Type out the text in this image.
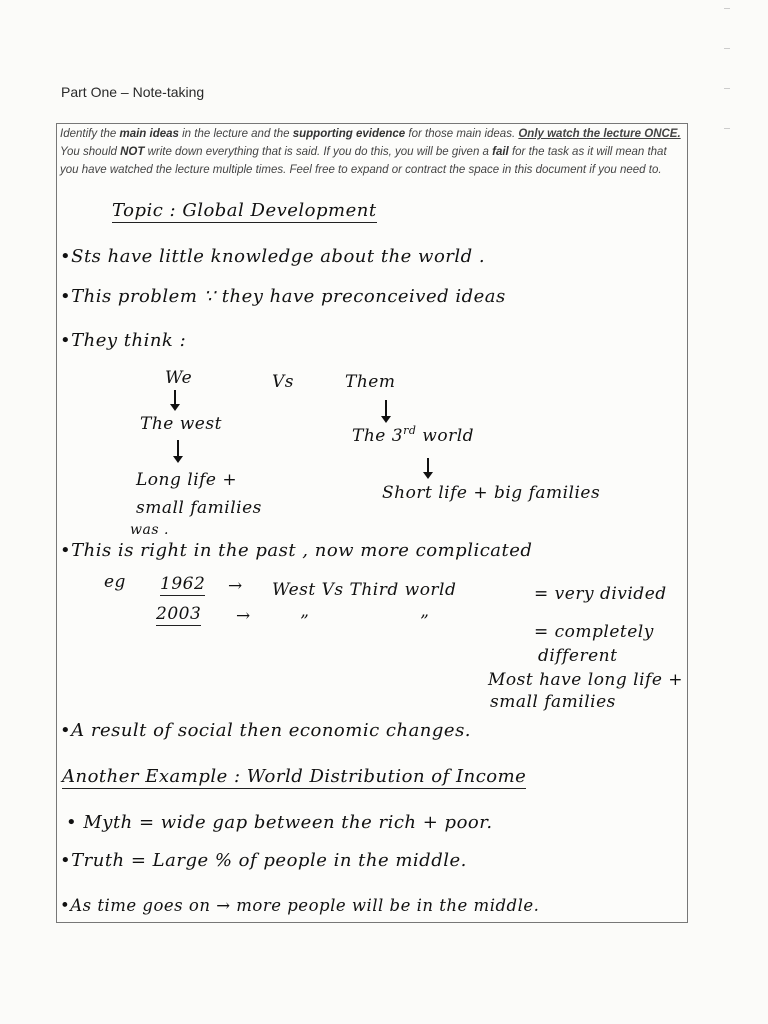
Part One – Note-taking
Identify the main ideas in the lecture and the supporting evidence for those main ideas. Only watch the lecture ONCE. You should NOT write down everything that is said. If you do this, you will be given a fail for the task as it will mean that you have watched the lecture multiple times. Feel free to expand or contract the space in this document if you need to.
Topic : Global Development
•Sts have little knowledge about the world .
•This problem ∵ they have preconceived ideas
•They think :
We	Vs	Them
The west
The 3rd world
Long life +
small families
Short life + big families
was .
•This is right in the past , now more complicated
eg 1962 → West Vs Third world	= very divided
2003 →	”	”	= completely
different
Most have long life +
small families
•A result of social then economic changes.
Another Example : World Distribution of Income
• Myth = wide gap between the rich + poor.
•Truth = Large % of people in the middle.
•As time goes on → more people will be in the middle.
